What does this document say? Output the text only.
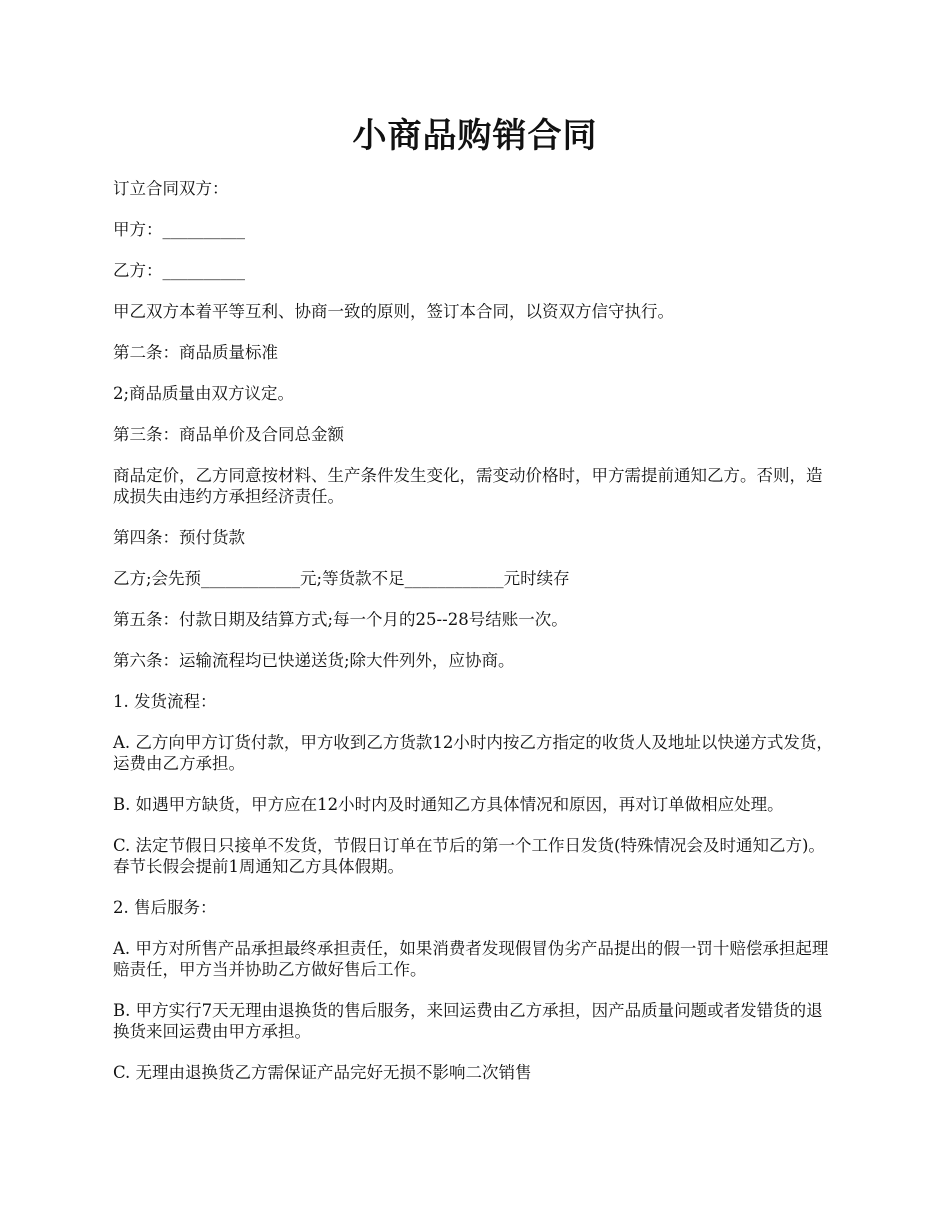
小商品购销合同

订立合同双方：

甲方：__________

乙方：__________

甲乙双方本着平等互利、协商一致的原则，签订本合同，以资双方信守执行。

第二条：商品质量标准

2;商品质量由双方议定。

第三条：商品单价及合同总金额

商品定价，乙方同意按材料、生产条件发生变化，需变动价格时，甲方需提前通知乙方。否则，造成损失由违约方承担经济责任。

第四条：预付货款

乙方;会先预____________元;等货款不足____________元时续存

第五条：付款日期及结算方式;每一个月的25--28号结账一次。

第六条：运输流程均已快递送货;除大件列外，应协商。

1. 发货流程：

A. 乙方向甲方订货付款，甲方收到乙方货款12小时内按乙方指定的收货人及地址以快递方式发货，运费由乙方承担。

B. 如遇甲方缺货，甲方应在12小时内及时通知乙方具体情况和原因，再对订单做相应处理。

C. 法定节假日只接单不发货，节假日订单在节后的第一个工作日发货(特殊情况会及时通知乙方)。春节长假会提前1周通知乙方具体假期。

2. 售后服务：

A. 甲方对所售产品承担最终承担责任，如果消费者发现假冒伪劣产品提出的假一罚十赔偿承担起理赔责任，甲方当并协助乙方做好售后工作。

B. 甲方实行7天无理由退换货的售后服务，来回运费由乙方承担，因产品质量问题或者发错货的退换货来回运费由甲方承担。

C. 无理由退换货乙方需保证产品完好无损不影响二次销售
